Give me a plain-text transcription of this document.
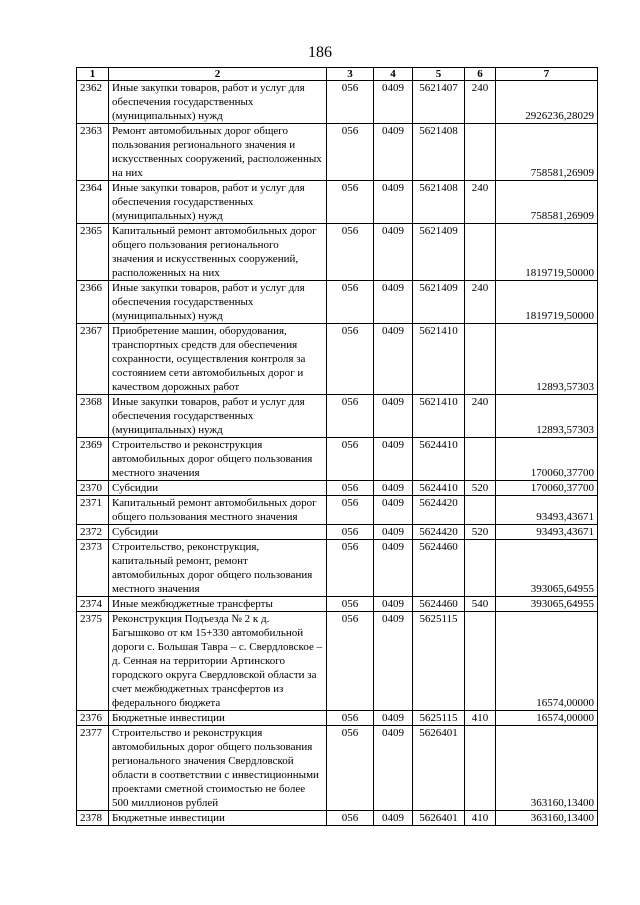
186
1	2	3	4	5	6	7
2362	Иные закупки товаров, работ и услуг для обеспечения государственных (муниципальных) нужд	056	0409	5621407	240	2926236,28029
2363	Ремонт автомобильных дорог общего пользования регионального значения и искусственных сооружений, расположенных на них	056	0409	5621408		758581,26909
2364	Иные закупки товаров, работ и услуг для обеспечения государственных (муниципальных) нужд	056	0409	5621408	240	758581,26909
2365	Капитальный ремонт автомобильных дорог общего пользования регионального значения и искусственных сооружений, расположенных на них	056	0409	5621409		1819719,50000
2366	Иные закупки товаров, работ и услуг для обеспечения государственных (муниципальных) нужд	056	0409	5621409	240	1819719,50000
2367	Приобретение машин, оборудования, транспортных средств для обеспечения сохранности, осуществления контроля за состоянием сети автомобильных дорог и качеством дорожных работ	056	0409	5621410		12893,57303
2368	Иные закупки товаров, работ и услуг для обеспечения государственных (муниципальных) нужд	056	0409	5621410	240	12893,57303
2369	Строительство и реконструкция автомобильных дорог общего пользования местного значения	056	0409	5624410		170060,37700
2370	Субсидии	056	0409	5624410	520	170060,37700
2371	Капитальный ремонт автомобильных дорог общего пользования местного значения	056	0409	5624420		93493,43671
2372	Субсидии	056	0409	5624420	520	93493,43671
2373	Строительство, реконструкция, капитальный ремонт, ремонт автомобильных дорог общего пользования местного значения	056	0409	5624460		393065,64955
2374	Иные межбюджетные трансферты	056	0409	5624460	540	393065,64955
2375	Реконструкция Подъезда № 2 к д. Багышково от км 15+330 автомобильной дороги с. Большая Тавра – с. Свердловское – д. Сенная на территории Артинского городского округа Свердловской области за счет межбюджетных трансфертов из федерального бюджета	056	0409	5625115		16574,00000
2376	Бюджетные инвестиции	056	0409	5625115	410	16574,00000
2377	Строительство и реконструкция автомобильных дорог общего пользования регионального значения Свердловской области в соответствии с инвестиционными проектами сметной стоимостью не более 500 миллионов рублей	056	0409	5626401		363160,13400
2378	Бюджетные инвестиции	056	0409	5626401	410	363160,13400
